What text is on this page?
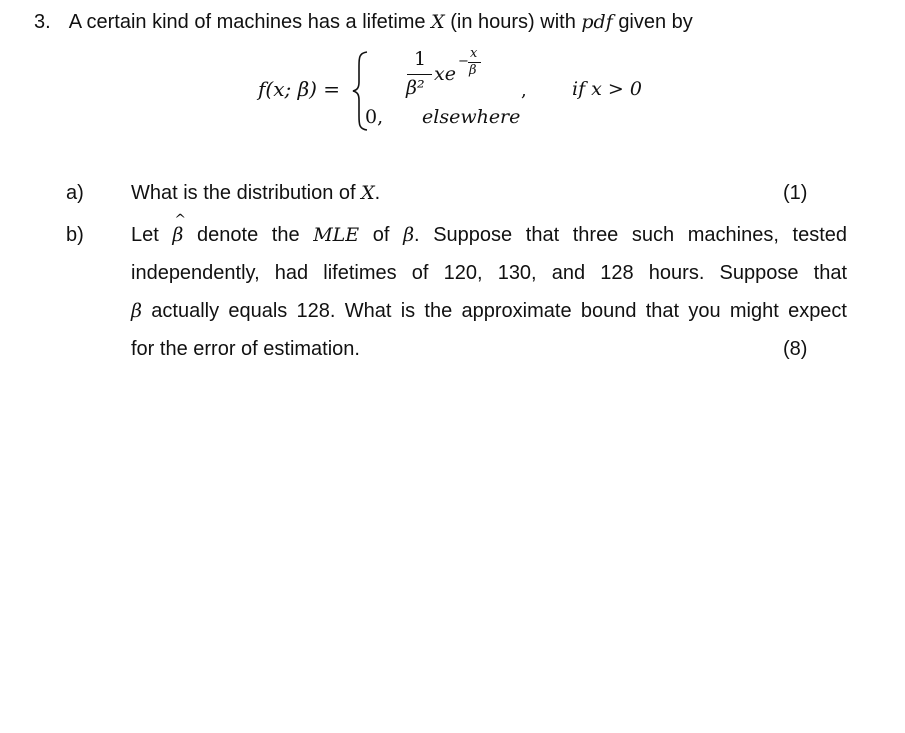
3. A certain kind of machines has a lifetime X (in hours) with pdf given by
f(x; β) =
1
β²
xe
−
x
β
, if x > 0
0, elsewhere
a) What is the distribution of X.	(1)
b) Let
^
β denote the MLE of β. Suppose that three such machines, tested
independently, had lifetimes of 120, 130, and 128 hours. Suppose that
β actually equals 128. What is the approximate bound that you might expect
for the error of estimation.	(8)
